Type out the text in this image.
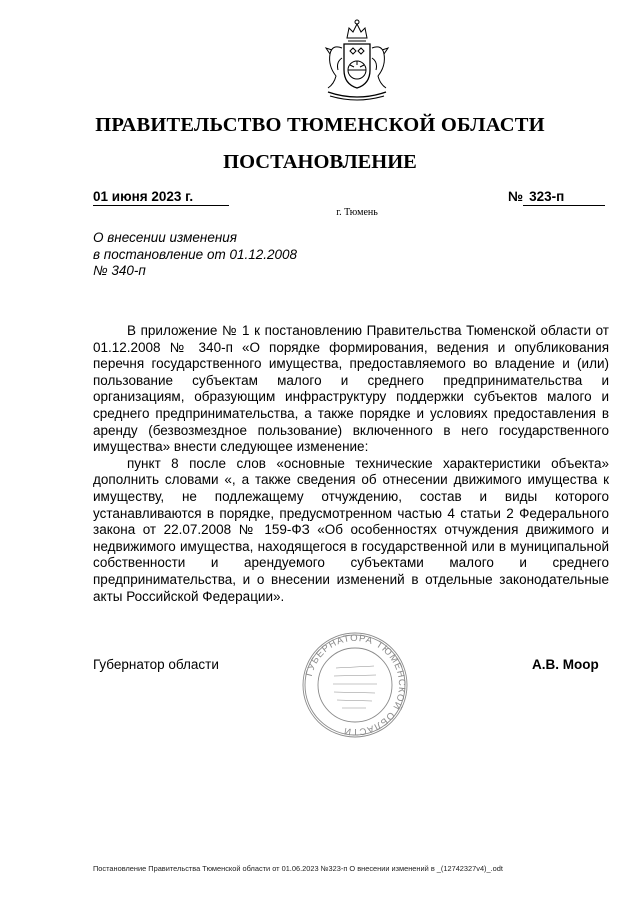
ПРАВИТЕЛЬСТВО ТЮМЕНСКОЙ ОБЛАСТИ
ПОСТАНОВЛЕНИЕ
01 июня 2023 г.	№ 323-п
г. Тюмень
О внесении изменения
в постановление от 01.12.2008
№ 340-п

В приложение № 1 к постановлению Правительства Тюменской области от 01.12.2008 № 340-п «О порядке формирования, ведения и опубликования перечня государственного имущества, предоставляемого во владение и (или) пользование субъектам малого и среднего предпринимательства и организациям, образующим инфраструктуру поддержки субъектов малого и среднего предпринимательства, а также порядке и условиях предоставления в аренду (безвозмездное пользование) включенного в него государственного имущества» внести следующее изменение:

пункт 8 после слов «основные технические характеристики объекта» дополнить словами «, а также сведения об отнесении движимого имущества к имуществу, не подлежащему отчуждению, состав и виды которого устанавливаются в порядке, предусмотренном частью 4 статьи 2 Федерального закона от 22.07.2008 № 159-ФЗ «Об особенностях отчуждения движимого и недвижимого имущества, находящегося в государственной или в муниципальной собственности и арендуемого субъектами малого и среднего предпринимательства, и о внесении изменений в отдельные законодательные акты Российской Федерации».

Губернатор области
ГУБЕРНАТОРА ТЮМЕНСКОЙ ОБЛАСТИ
А.В. Моор
Постановление Правительства Тюменской области от 01.06.2023 №323-п О внесении изменений в _(12742327v4)_.odt
